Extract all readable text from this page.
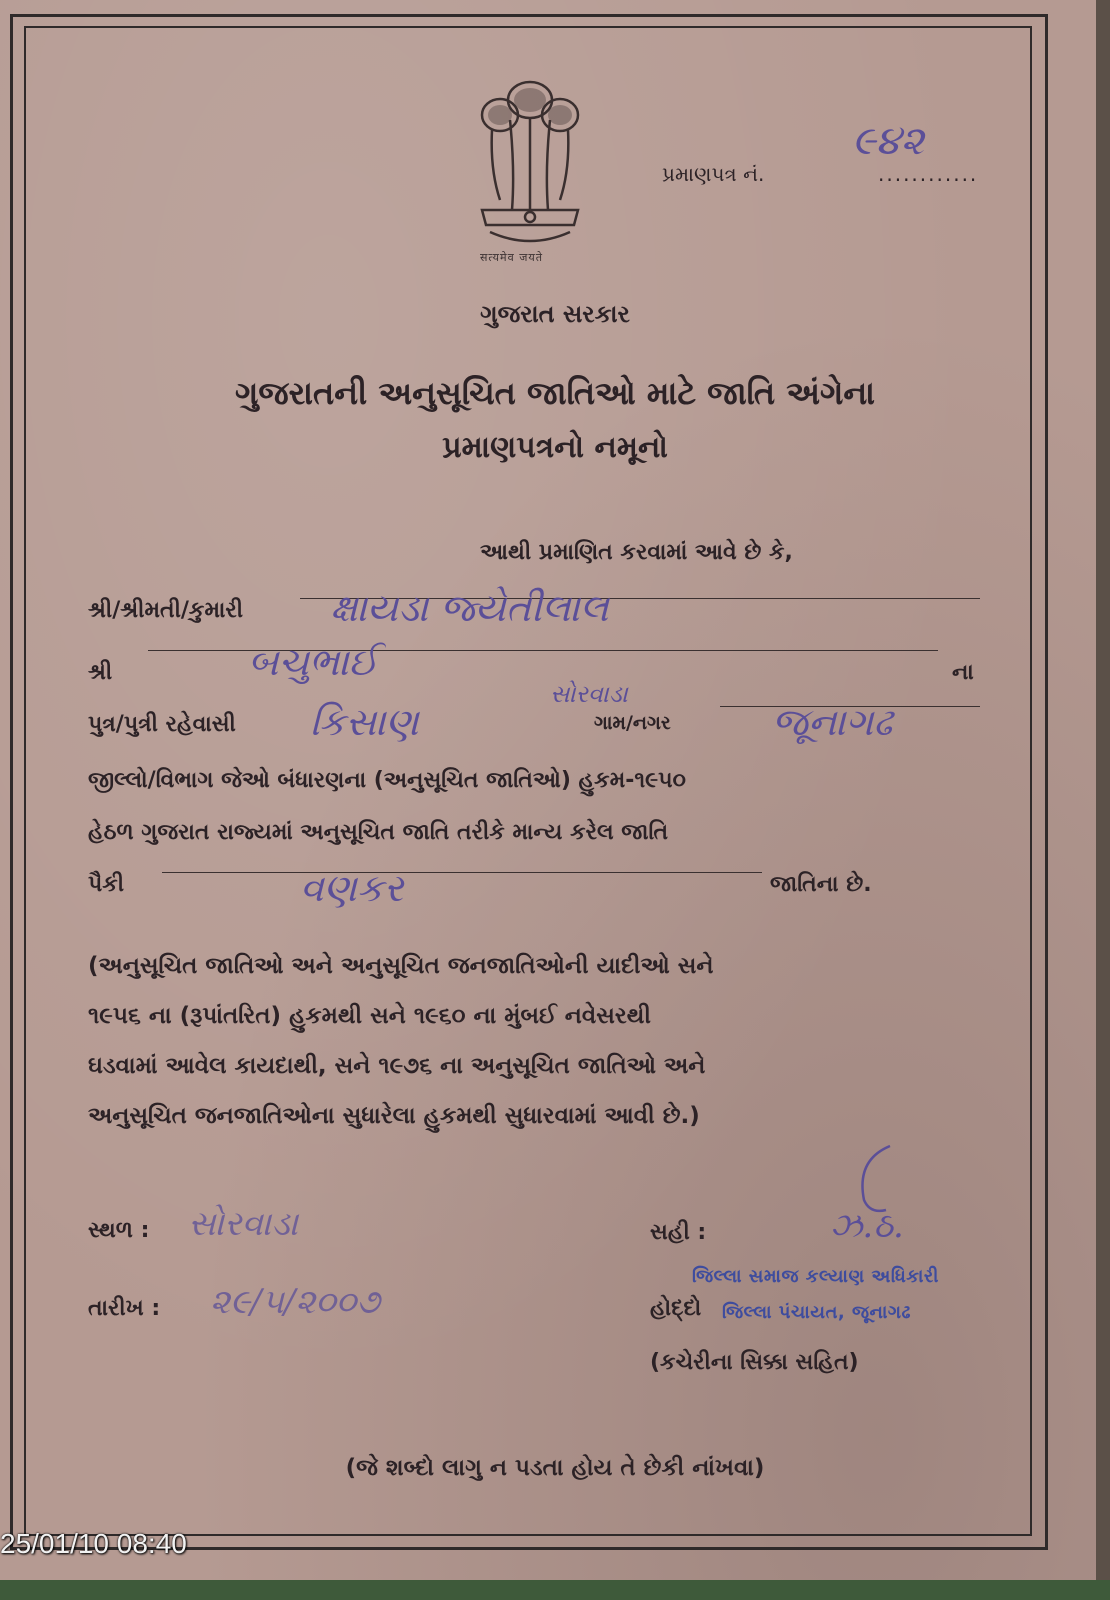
सत्यमेव जयते
પ્રમાણપત્ર નં.	............
૯૪૨
ગુજરાત સરકાર
ગુજરાતની અનુસૂચિત જાતિઓ માટે જાતિ અંગેના
પ્રમાણપત્રનો નમૂનો
આથી પ્રમાણિત કરવામાં આવે છે કે,
શ્રી/શ્રીમતી/કુમારી ક્ષાયડા જ્યેતીલાલ
શ્રી	બચુભાઈ	ના
પુત્ર/પુત્રી રહેવાસી
સોરવાડા
કિસાણ	ગામ/નગર	જૂનાગઢ
જીલ્લો/વિભાગ જેઓ બંધારણના (અનુસૂચિત જાતિઓ) હુકમ-૧૯૫૦
હેઠળ ગુજરાત રાજ્યમાં અનુસૂચિત જાતિ તરીકે માન્ય કરેલ જાતિ
પૈકી	વણકર	જાતિના છે.
(અનુસૂચિત જાતિઓ અને અનુસૂચિત જનજાતિઓની યાદીઓ સને
૧૯૫૬ ના (રૂપાંતરિત) હુકમથી સને ૧૯૬૦ ના મુંબઈ નવેસરથી
ઘડવામાં આવેલ કાયદાથી, સને ૧૯૭૬ ના અનુસૂચિત જાતિઓ અને
અનુસૂચિત જનજાતિઓના સુધારેલા હુકમથી સુધારવામાં આવી છે.)
સ્થળ : સોરવાડા
તારીખ : ૨૯/૫/૨૦૦૭
સહી :	ઝ.ઠ.
હોદ્દો
જિલ્લા સમાજ કલ્યાણ અધિકારી
જિલ્લા પંચાયત, જૂનાગઢ
(કચેરીના સિક્કા સહિત)
(જે શબ્દો લાગુ ન પડતા હોય તે છેકી નાંખવા)
25/01/10 08:40
